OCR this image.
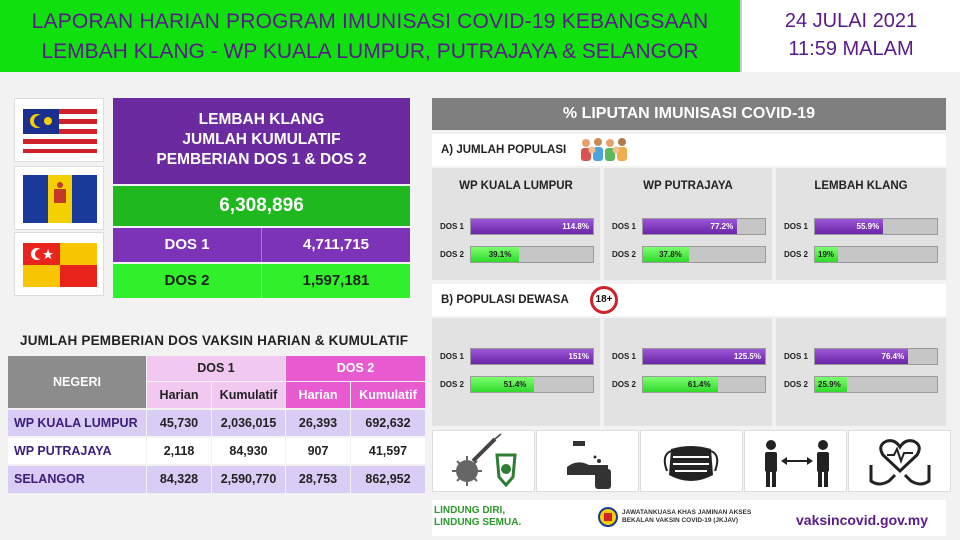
LAPORAN HARIAN PROGRAM IMUNISASI COVID-19 KEBANGSAAN
LEMBAH KLANG - WP KUALA LUMPUR, PUTRAJAYA & SELANGOR
24 JULAI 2021
11:59 MALAM
LEMBAH KLANG
JUMLAH KUMULATIF
PEMBERIAN DOS 1 & DOS 2
6,308,896
DOS 1	4,711,715
DOS 2	1,597,181
JUMLAH PEMBERIAN DOS VAKSIN HARIAN & KUMULATIF
NEGERI
DOS 1	DOS 2
Harian	Kumulatif	Harian	Kumulatif
WP KUALA LUMPUR	45,730	2,036,015	26,393	692,632
WP PUTRAJAYA	2,118	84,930	907	41,597
SELANGOR	84,328	2,590,770	28,753	862,952
% LIPUTAN IMUNISASI COVID-19
A) JUMLAH POPULASI
B) POPULASI DEWASA	18+
WP KUALA LUMPUR
DOS 1	114.8%
DOS 2	39.1%
WP PUTRAJAYA
DOS 1	77.2%
DOS 2	37.8%
LEMBAH KLANG
DOS 1	55.9%
DOS 2 19%
DOS 1	151%
DOS 2	51.4%
DOS 1	125.5%
DOS 2	61.4%
DOS 1	76.4%
DOS 2 25.9%
LINDUNG DIRI,
LINDUNG SEMUA.
JAWATANKUASA KHAS JAMINAN AKSES
BEKALAN VAKSIN COVID-19 (JKJAV)	vaksincovid.gov.my
